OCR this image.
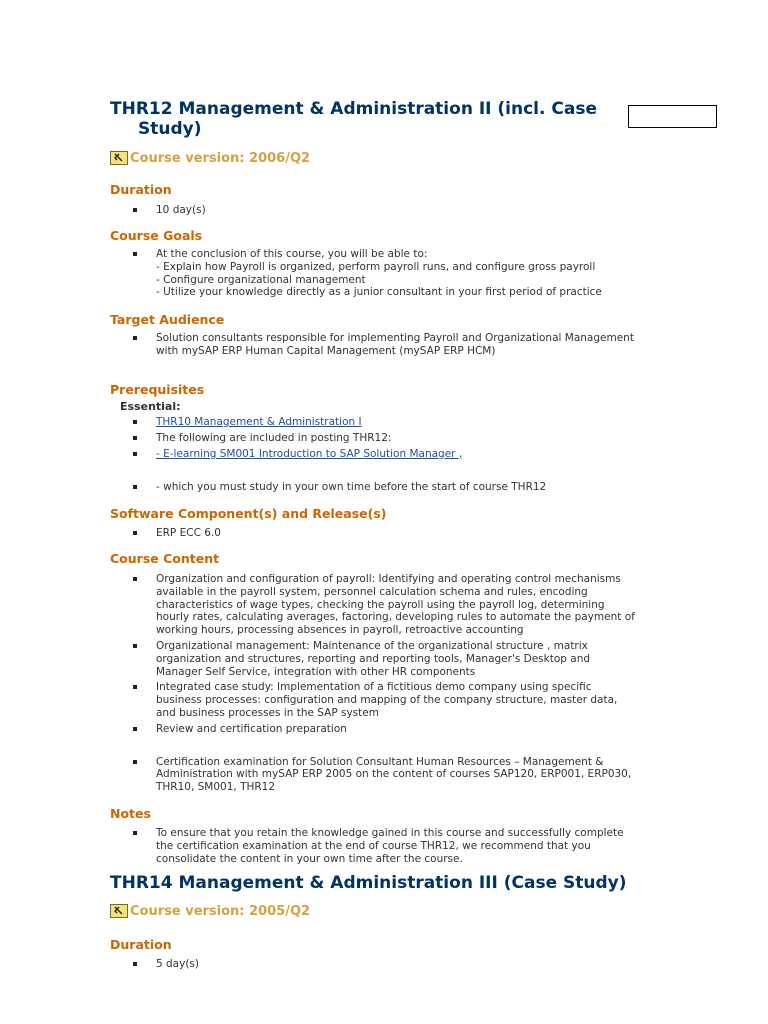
THR12 Management & Administration II (incl. Case
Study)
Course version: 2006/Q2
Duration
10 day(s)
Course Goals
At the conclusion of this course, you will be able to:
- Explain how Payroll is organized, perform payroll runs, and configure gross payroll
- Configure organizational management
- Utilize your knowledge directly as a junior consultant in your first period of practice
Target Audience
Solution consultants responsible for implementing Payroll and Organizational Management
with mySAP ERP Human Capital Management (mySAP ERP HCM)
Prerequisites
Essential:
THR10 Management & Administration I
The following are included in posting THR12:
- E-learning SM001 Introduction to SAP Solution Manager ,
- which you must study in your own time before the start of course THR12
Software Component(s) and Release(s)
ERP ECC 6.0
Course Content
Organization and configuration of payroll: Identifying and operating control mechanisms
available in the payroll system, personnel calculation schema and rules, encoding
characteristics of wage types, checking the payroll using the payroll log, determining
hourly rates, calculating averages, factoring, developing rules to automate the payment of
working hours, processing absences in payroll, retroactive accounting
Organizational management: Maintenance of the organizational structure , matrix
organization and structures, reporting and reporting tools, Manager's Desktop and
Manager Self Service, integration with other HR components
Integrated case study: Implementation of a fictitious demo company using specific
business processes: configuration and mapping of the company structure, master data,
and business processes in the SAP system
Review and certification preparation
Certification examination for Solution Consultant Human Resources – Management &
Administration with mySAP ERP 2005 on the content of courses SAP120, ERP001, ERP030,
THR10, SM001, THR12
Notes
To ensure that you retain the knowledge gained in this course and successfully complete
the certification examination at the end of course THR12, we recommend that you
consolidate the content in your own time after the course.
THR14 Management & Administration III (Case Study)
Course version: 2005/Q2
Duration
5 day(s)
